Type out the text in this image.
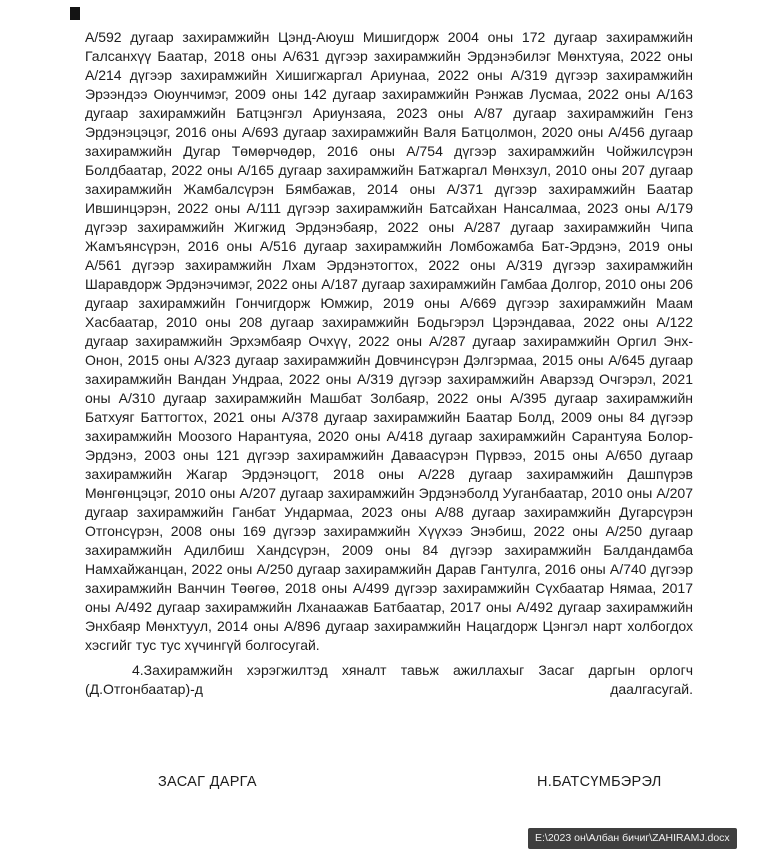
А/592 дугаар захирамжийн Цэнд-Аюуш Мишигдорж 2004 оны 172 дугаар захирамжийн
Галсанхүү Баатар, 2018 оны А/631 дүгээр захирамжийн Эрдэнэбилэг Мөнхтуяа, 2022 оны
А/214 дүгээр захирамжийн Хишигжаргал Ариунаа, 2022 оны А/319 дүгээр захирамжийн
Эрээндээ Оюунчимэг, 2009 оны 142 дугаар захирамжийн Рэнжав Лусмаа, 2022 оны А/163
дугаар захирамжийн Батцэнгэл Ариунзаяа, 2023 оны А/87 дугаар захирамжийн Генз
Эрдэнэцэцэг, 2016 оны А/693 дугаар захирамжийн Валя Батцолмон, 2020 оны А/456 дугаар
захирамжийн Дугар Төмөрчөдөр, 2016 оны А/754 дүгээр захирамжийн Чойжилсүрэн
Болдбаатар, 2022 оны А/165 дугаар захирамжийн Батжаргал Мөнхзул, 2010 оны 207 дугаар
захирамжийн Жамбалсүрэн Бямбажав, 2014 оны А/371 дүгээр захирамжийн Баатар
Ившинцэрэн, 2022 оны А/111 дүгээр захирамжийн Батсайхан Нансалмаа, 2023 оны А/179
дүгээр захирамжийн Жигжид Эрдэнэбаяр, 2022 оны А/287 дугаар захирамжийн Чипа
Жамъянсүрэн, 2016 оны А/516 дугаар захирамжийн Ломбожамба Бат-Эрдэнэ, 2019 оны
А/561 дүгээр захирамжийн Лхам Эрдэнэтогтох, 2022 оны А/319 дүгээр захирамжийн
Шаравдорж Эрдэнэчимэг, 2022 оны А/187 дугаар захирамжийн Гамбаа Долгор, 2010 оны 206
дугаар захирамжийн Гончигдорж Юмжир, 2019 оны А/669 дүгээр захирамжийн Маам
Хасбаатар, 2010 оны 208 дугаар захирамжийн Бодьгэрэл Цэрэндаваа, 2022 оны А/122
дугаар захирамжийн Эрхэмбаяр Очхүү, 2022 оны А/287 дугаар захирамжийн Оргил Энх-
Онон, 2015 оны А/323 дугаар захирамжийн Довчинсүрэн Дэлгэрмаа, 2015 оны А/645 дугаар
захирамжийн Вандан Ундраа, 2022 оны А/319 дүгээр захирамжийн Аварзэд Очгэрэл, 2021
оны А/310 дугаар захирамжийн Машбат Золбаяр, 2022 оны А/395 дугаар захирамжийн
Батхуяг Баттогтох, 2021 оны А/378 дугаар захирамжийн Баатар Болд, 2009 оны 84 дүгээр
захирамжийн Моозого Нарантуяа, 2020 оны А/418 дугаар захирамжийн Сарантуяа Болор-
Эрдэнэ, 2003 оны 121 дүгээр захирамжийн Даваасүрэн Пүрвээ, 2015 оны А/650 дугаар
захирамжийн Жагар Эрдэнэцогт, 2018 оны А/228 дугаар захирамжийн Дашпүрэв
Мөнгөнцэцэг, 2010 оны А/207 дугаар захирамжийн Эрдэнэболд Ууганбаатар, 2010 оны А/207
дугаар захирамжийн Ганбат Ундармаа, 2023 оны А/88 дугаар захирамжийн Дугарсүрэн
Отгонсүрэн, 2008 оны 169 дүгээр захирамжийн Хүүхээ Энэбиш, 2022 оны А/250 дугаар
захирамжийн Адилбиш Хандсүрэн, 2009 оны 84 дүгээр захирамжийн Балдандамба
Намхайжанцан, 2022 оны А/250 дугаар захирамжийн Дарав Гантулга, 2016 оны А/740 дүгээр
захирамжийн Ванчин Төөгөө, 2018 оны А/499 дүгээр захирамжийн Сүхбаатар Нямаа, 2017
оны А/492 дугаар захирамжийн Лханаажав Батбаатар, 2017 оны А/492 дугаар захирамжийн
Энхбаяр Мөнхтуул, 2014 оны А/896 дугаар захирамжийн Нацагдорж Цэнгэл нарт холбогдох
хэсгийг тус тус хүчингүй болгосугай.
4.Захирамжийн хэрэгжилтэд хяналт тавьж ажиллахыг Засаг даргын орлогч
(Д.Отгонбаатар)-д даалгасугай.
ЗАСАГ ДАРГА	Н.БАТСҮМБЭРЭЛ
E:\2023 он\Албан бичиг\ZAHIRAMJ.docx
